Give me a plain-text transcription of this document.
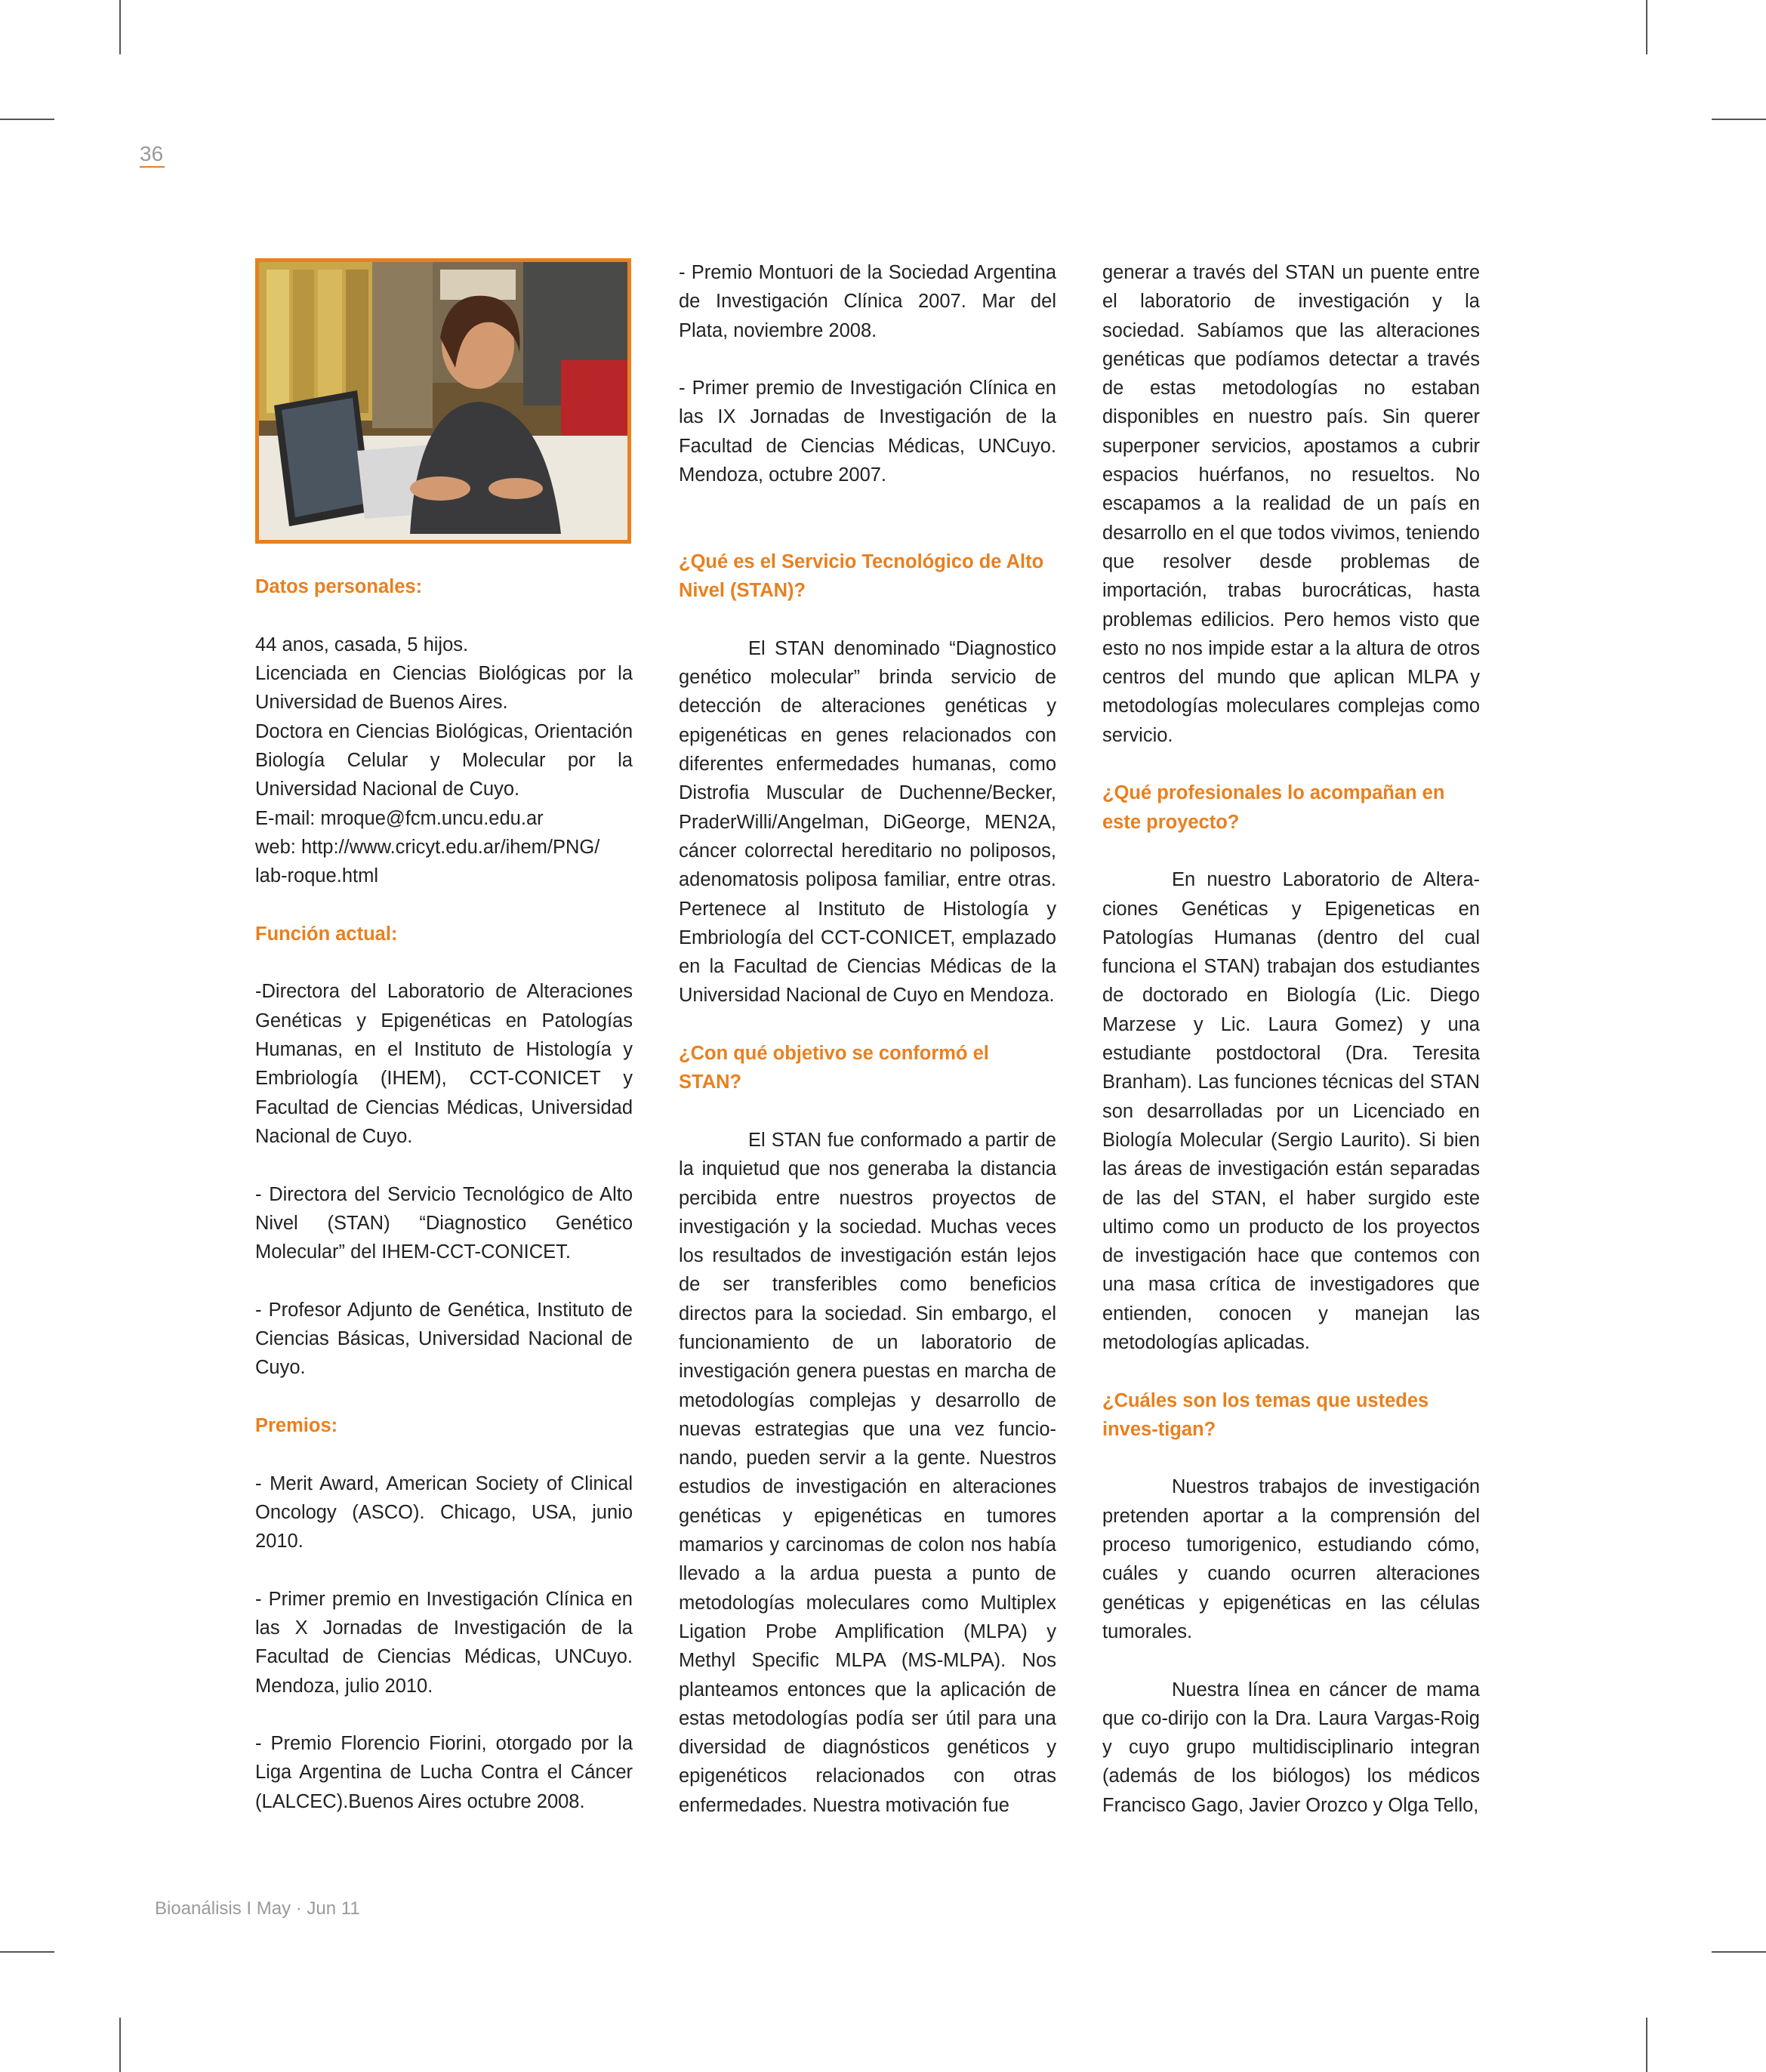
36

Datos personales:

44 anos, casada, 5 hijos.

Licenciada en Ciencias Biológicas por la Universidad de Buenos Aires.

Doctora en Ciencias Biológicas, Orientación Biología Celular y Molecular por la Universidad Nacional de Cuyo.

E-mail: mroque@fcm.uncu.edu.ar

web: http://www.cricyt.edu.ar/ihem/PNG/ lab-roque.html

Función actual:

-Directora del Laboratorio de Alteraciones Genéticas y Epigenéticas en Patologías Humanas, en el Instituto de Histología y Embriología (IHEM), CCT-CONICET y Facultad de Ciencias Médicas, Universidad Nacional de Cuyo.

- Directora del Servicio Tecnológico de Alto Nivel (STAN) “Diagnostico Genético Molecular” del IHEM-CCT-CONICET.

- Profesor Adjunto de Genética, Instituto de Ciencias Básicas, Universidad Nacional de Cuyo.

Premios:

- Merit Award, American Society of Clinical Oncology (ASCO). Chicago, USA, junio 2010.

- Primer premio en Investigación Clínica en las X Jornadas de Investigación de la Facultad de Ciencias Médicas, UNCuyo. Mendoza, julio 2010.

- Premio Florencio Fiorini, otorgado por la Liga Argentina de Lucha Contra el Cáncer (LALCEC).Buenos Aires octubre 2008.

- Premio Montuori de la Sociedad Argentina de Investigación Clínica 2007. Mar del Plata, noviembre 2008.

- Primer premio de Investigación Clínica en las IX Jornadas de Investigación de la Facultad de Ciencias Médicas, UNCuyo. Mendoza, octubre 2007.

¿Qué es el Servicio Tecnológico de Alto Nivel (STAN)?

El STAN denominado “Diagnostico genético molecular” brinda servicio de detección de alteraciones genéticas y epigenéticas en genes relacionados con diferentes enfermedades humanas, como Distrofia Muscular de Duchenne/Becker, PraderWilli/Angelman, DiGeorge, MEN2A, cáncer colorrectal hereditario no poliposos, adenomatosis poliposa familiar, entre otras. Pertenece al Instituto de Histología y Embriología del CCT-CONICET, emplazado en la Facultad de Ciencias Médicas de la Universidad Nacional de Cuyo en Mendoza.

¿Con qué objetivo se conformó el STAN?

El STAN fue conformado a partir de la inquietud que nos generaba la distancia percibida entre nuestros proyectos de investigación y la sociedad. Muchas veces los resultados de investigación están lejos de ser transferibles como beneficios directos para la sociedad. Sin embargo, el funcionamiento de un laboratorio de investigación genera puestas en marcha de metodologías complejas y desarrollo de nuevas estrategias que una vez funcio-nando, pueden servir a la gente. Nuestros estudios de investigación en alteraciones genéticas y epigenéticas en tumores mamarios y carcinomas de colon nos había llevado a la ardua puesta a punto de metodologías moleculares como Multiplex Ligation Probe Amplification (MLPA) y Methyl Specific MLPA (MS-MLPA). Nos planteamos entonces que la aplicación de estas metodologías podía ser útil para una diversidad de diagnósticos genéticos y epigenéticos relacionados con otras enfermedades. Nuestra motivación fue

generar a través del STAN un puente entre el laboratorio de investigación y la sociedad. Sabíamos que las alteraciones genéticas que podíamos detectar a través de estas metodologías no estaban disponibles en nuestro país. Sin querer superponer servicios, apostamos a cubrir espacios huérfanos, no resueltos. No escapamos a la realidad de un país en desarrollo en el que todos vivimos, teniendo que resolver desde problemas de importación, trabas burocráticas, hasta problemas edilicios. Pero hemos visto que esto no nos impide estar a la altura de otros centros del mundo que aplican MLPA y metodologías moleculares complejas como servicio.

¿Qué profesionales lo acompañan en este proyecto?

En nuestro Laboratorio de Altera-ciones Genéticas y Epigeneticas en Patologías Humanas (dentro del cual funciona el STAN) trabajan dos estudiantes de doctorado en Biología (Lic. Diego Marzese y Lic. Laura Gomez) y una estudiante postdoctoral (Dra. Teresita Branham). Las funciones técnicas del STAN son desarrolladas por un Licenciado en Biología Molecular (Sergio Laurito). Si bien las áreas de investigación están separadas de las del STAN, el haber surgido este ultimo como un producto de los proyectos de investigación hace que contemos con una masa crítica de investigadores que entienden, conocen y manejan las metodologías aplicadas.

¿Cuáles son los temas que ustedes inves-tigan?

Nuestros trabajos de investigación pretenden aportar a la comprensión del proceso tumorigenico, estudiando cómo, cuáles y cuando ocurren alteraciones genéticas y epigenéticas en las células tumorales.

Nuestra línea en cáncer de mama que co-dirijo con la Dra. Laura Vargas-Roig y cuyo grupo multidisciplinario integran (además de los biólogos) los médicos Francisco Gago, Javier Orozco y Olga Tello,

Bioanálisis I May · Jun 11
